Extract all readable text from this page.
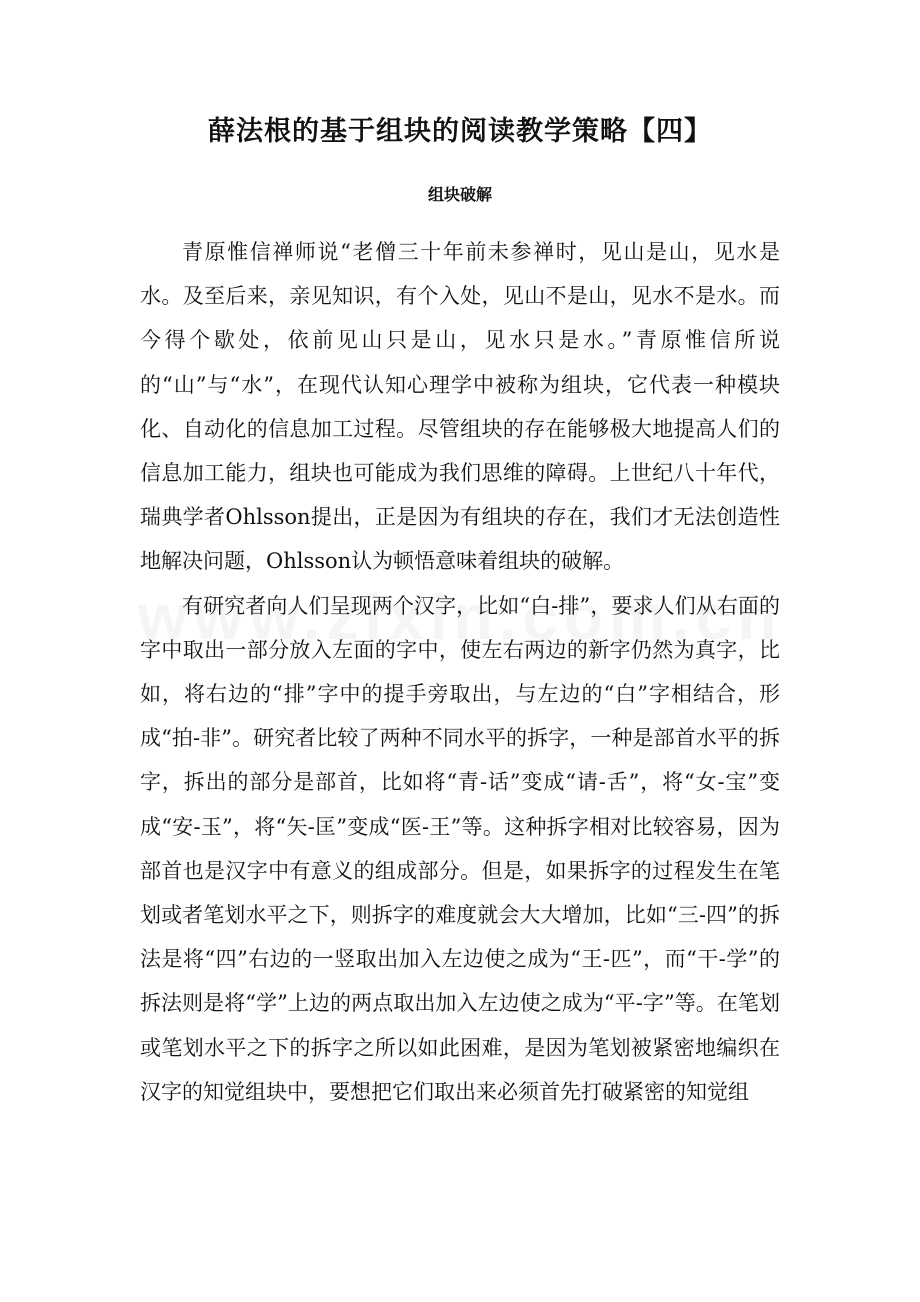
薛法根的基于组块的阅读教学策略【四】
组块破解

青原惟信禅师说“老僧三十年前未参禅时，见山是山，见水是水。及至后来，亲见知识，有个入处，见山不是山，见水不是水。而今得个歇处，依前见山只是山，见水只是水。”青原惟信所说的“山”与“水”，在现代认知心理学中被称为组块，它代表一种模块化、自动化的信息加工过程。尽管组块的存在能够极大地提高人们的信息加工能力，组块也可能成为我们思维的障碍。上世纪八十年代，瑞典学者Ohlsson提出，正是因为有组块的存在，我们才无法创造性地解决问题，Ohlsson认为顿悟意味着组块的破解。

有研究者向人们呈现两个汉字，比如“白-排”，要求人们从右面的字中取出一部分放入左面的字中，使左右两边的新字仍然为真字，比如，将右边的“排”字中的提手旁取出，与左边的“白”字相结合，形成“拍-非”。研究者比较了两种不同水平的拆字，一种是部首水平的拆字，拆出的部分是部首，比如将“青-话”变成“请-舌”，将“女-宝”变成“安-玉”，将“矢-匡”变成“医-王”等。这种拆字相对比较容易，因为部首也是汉字中有意义的组成部分。但是，如果拆字的过程发生在笔划或者笔划水平之下，则拆字的难度就会大大增加，比如“三-四”的拆法是将“四”右边的一竖取出加入左边使之成为“王-匹”，而“干-学”的拆法则是将“学”上边的两点取出加入左边使之成为“平-字”等。在笔划或笔划水平之下的拆字之所以如此困难，是因为笔划被紧密地编织在汉字的知觉组块中，要想把它们取出来必须首先打破紧密的知觉组
